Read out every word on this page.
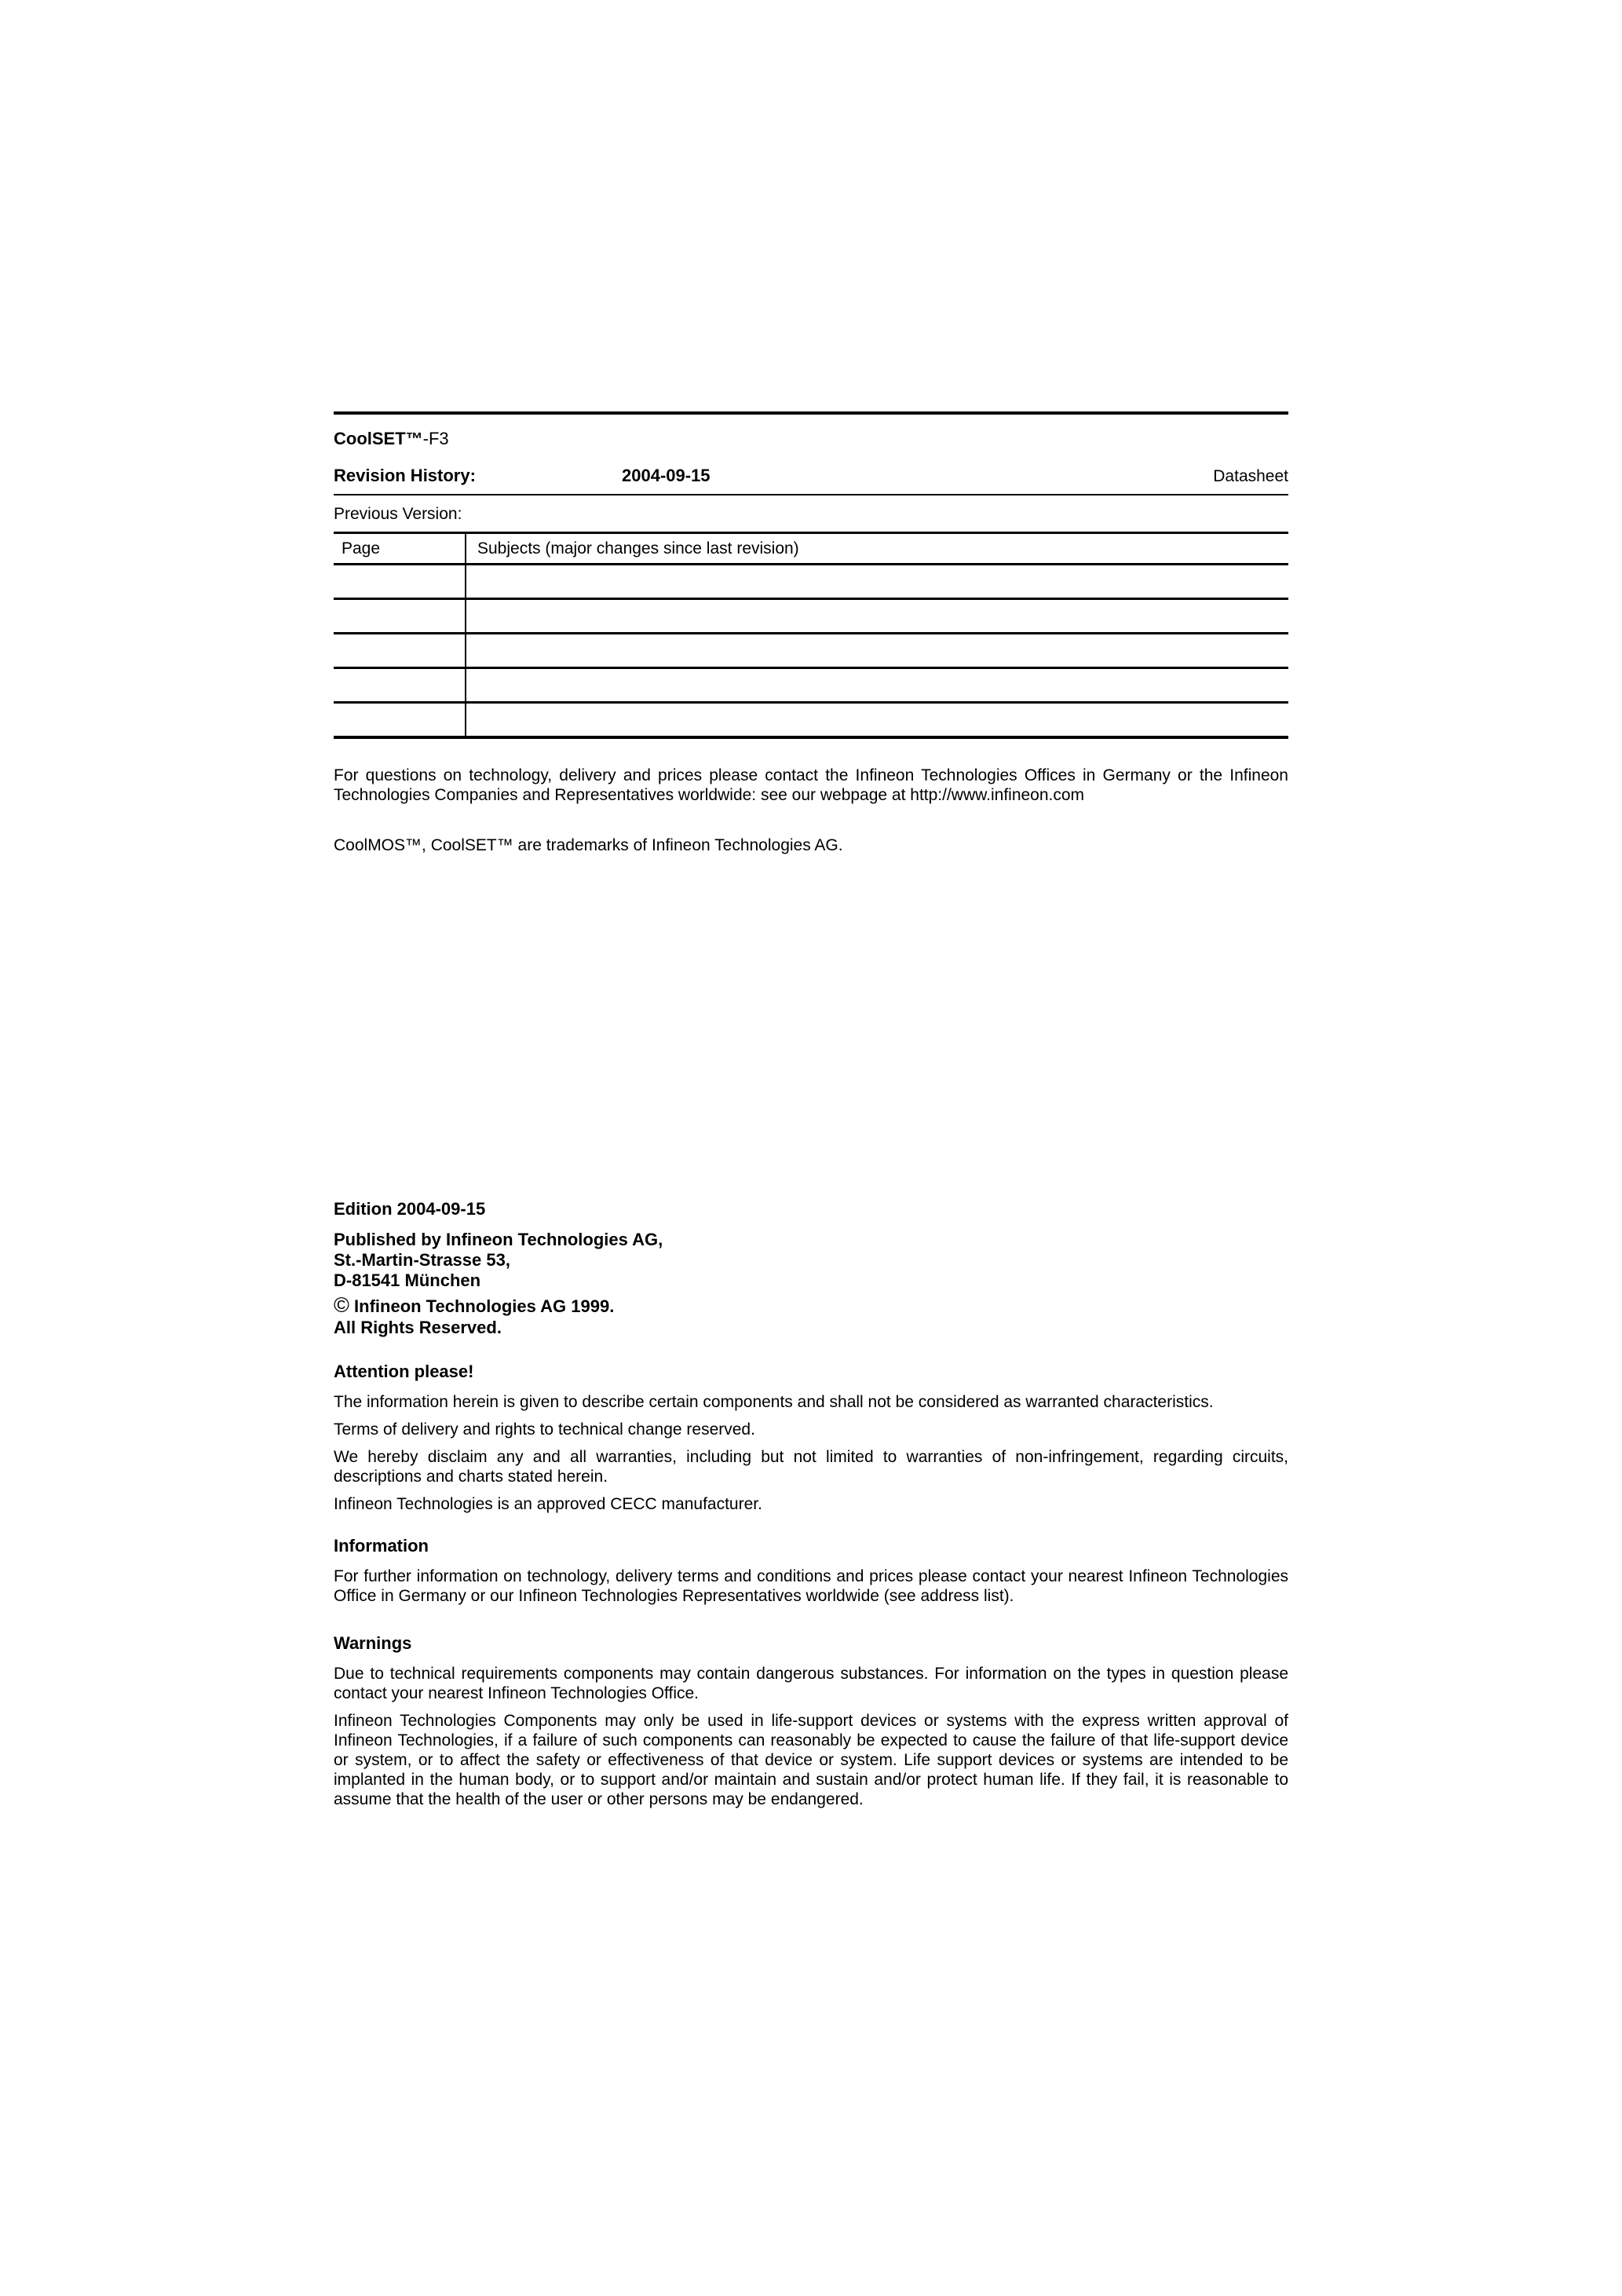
CoolSET™-F3
Revision History:	2004-09-15	Datasheet
Previous Version:
Page	Subjects (major changes since last revision)

For questions on technology, delivery and prices please contact the Infineon Technologies Offices in Germany or the Infineon Technologies Companies and Representatives worldwide: see our webpage at http://www.infineon.com
CoolMOS™, CoolSET™ are trademarks of Infineon Technologies AG.
Edition 2004-09-15
Published by Infineon Technologies AG,
St.-Martin-Strasse 53,
D-81541 München
© Infineon Technologies AG 1999.
All Rights Reserved.
Attention please!
The information herein is given to describe certain components and shall not be considered as warranted characteristics.
Terms of delivery and rights to technical change reserved.
We hereby disclaim any and all warranties, including but not limited to warranties of non-infringement, regarding circuits, descriptions and charts stated herein.
Infineon Technologies is an approved CECC manufacturer.
Information
For further information on technology, delivery terms and conditions and prices please contact your nearest Infineon Technologies Office in Germany or our Infineon Technologies Representatives worldwide (see address list).
Warnings
Due to technical requirements components may contain dangerous substances. For information on the types in question please contact your nearest Infineon Technologies Office.
Infineon Technologies Components may only be used in life-support devices or systems with the express written approval of Infineon Technologies, if a failure of such components can reasonably be expected to cause the failure of that life-support device or system, or to affect the safety or effectiveness of that device or system. Life support devices or systems are intended to be implanted in the human body, or to support and/or maintain and sustain and/or protect human life. If they fail, it is reasonable to assume that the health of the user or other persons may be endangered.
